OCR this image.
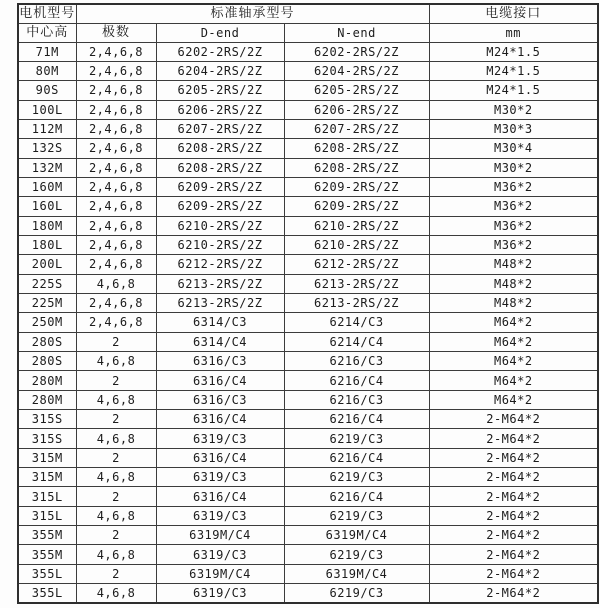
电机型号	标准轴承型号			电缆接口
中心高	极数	D-end	N-end	mm
71M	2,4,6,8	6202-2RS/2Z	6202-2RS/2Z	M24*1.5
80M	2,4,6,8	6204-2RS/2Z	6204-2RS/2Z	M24*1.5
90S	2,4,6,8	6205-2RS/2Z	6205-2RS/2Z	M24*1.5
100L	2,4,6,8	6206-2RS/2Z	6206-2RS/2Z	M30*2
112M	2,4,6,8	6207-2RS/2Z	6207-2RS/2Z	M30*3
132S	2,4,6,8	6208-2RS/2Z	6208-2RS/2Z	M30*4
132M	2,4,6,8	6208-2RS/2Z	6208-2RS/2Z	M30*2
160M	2,4,6,8	6209-2RS/2Z	6209-2RS/2Z	M36*2
160L	2,4,6,8	6209-2RS/2Z	6209-2RS/2Z	M36*2
180M	2,4,6,8	6210-2RS/2Z	6210-2RS/2Z	M36*2
180L	2,4,6,8	6210-2RS/2Z	6210-2RS/2Z	M36*2
200L	2,4,6,8	6212-2RS/2Z	6212-2RS/2Z	M48*2
225S	4,6,8	6213-2RS/2Z	6213-2RS/2Z	M48*2
225M	2,4,6,8	6213-2RS/2Z	6213-2RS/2Z	M48*2
250M	2,4,6,8	6314/C3	6214/C3	M64*2
280S	2	6314/C4	6214/C4	M64*2
280S	4,6,8	6316/C3	6216/C3	M64*2
280M	2	6316/C4	6216/C4	M64*2
280M	4,6,8	6316/C3	6216/C3	M64*2
315S	2	6316/C4	6216/C4	2-M64*2
315S	4,6,8	6319/C3	6219/C3	2-M64*2
315M	2	6316/C4	6216/C4	2-M64*2
315M	4,6,8	6319/C3	6219/C3	2-M64*2
315L	2	6316/C4	6216/C4	2-M64*2
315L	4,6,8	6319/C3	6219/C3	2-M64*2
355M	2	6319M/C4	6319M/C4	2-M64*2
355M	4,6,8	6319/C3	6219/C3	2-M64*2
355L	2	6319M/C4	6319M/C4	2-M64*2
355L	4,6,8	6319/C3	6219/C3	2-M64*2
